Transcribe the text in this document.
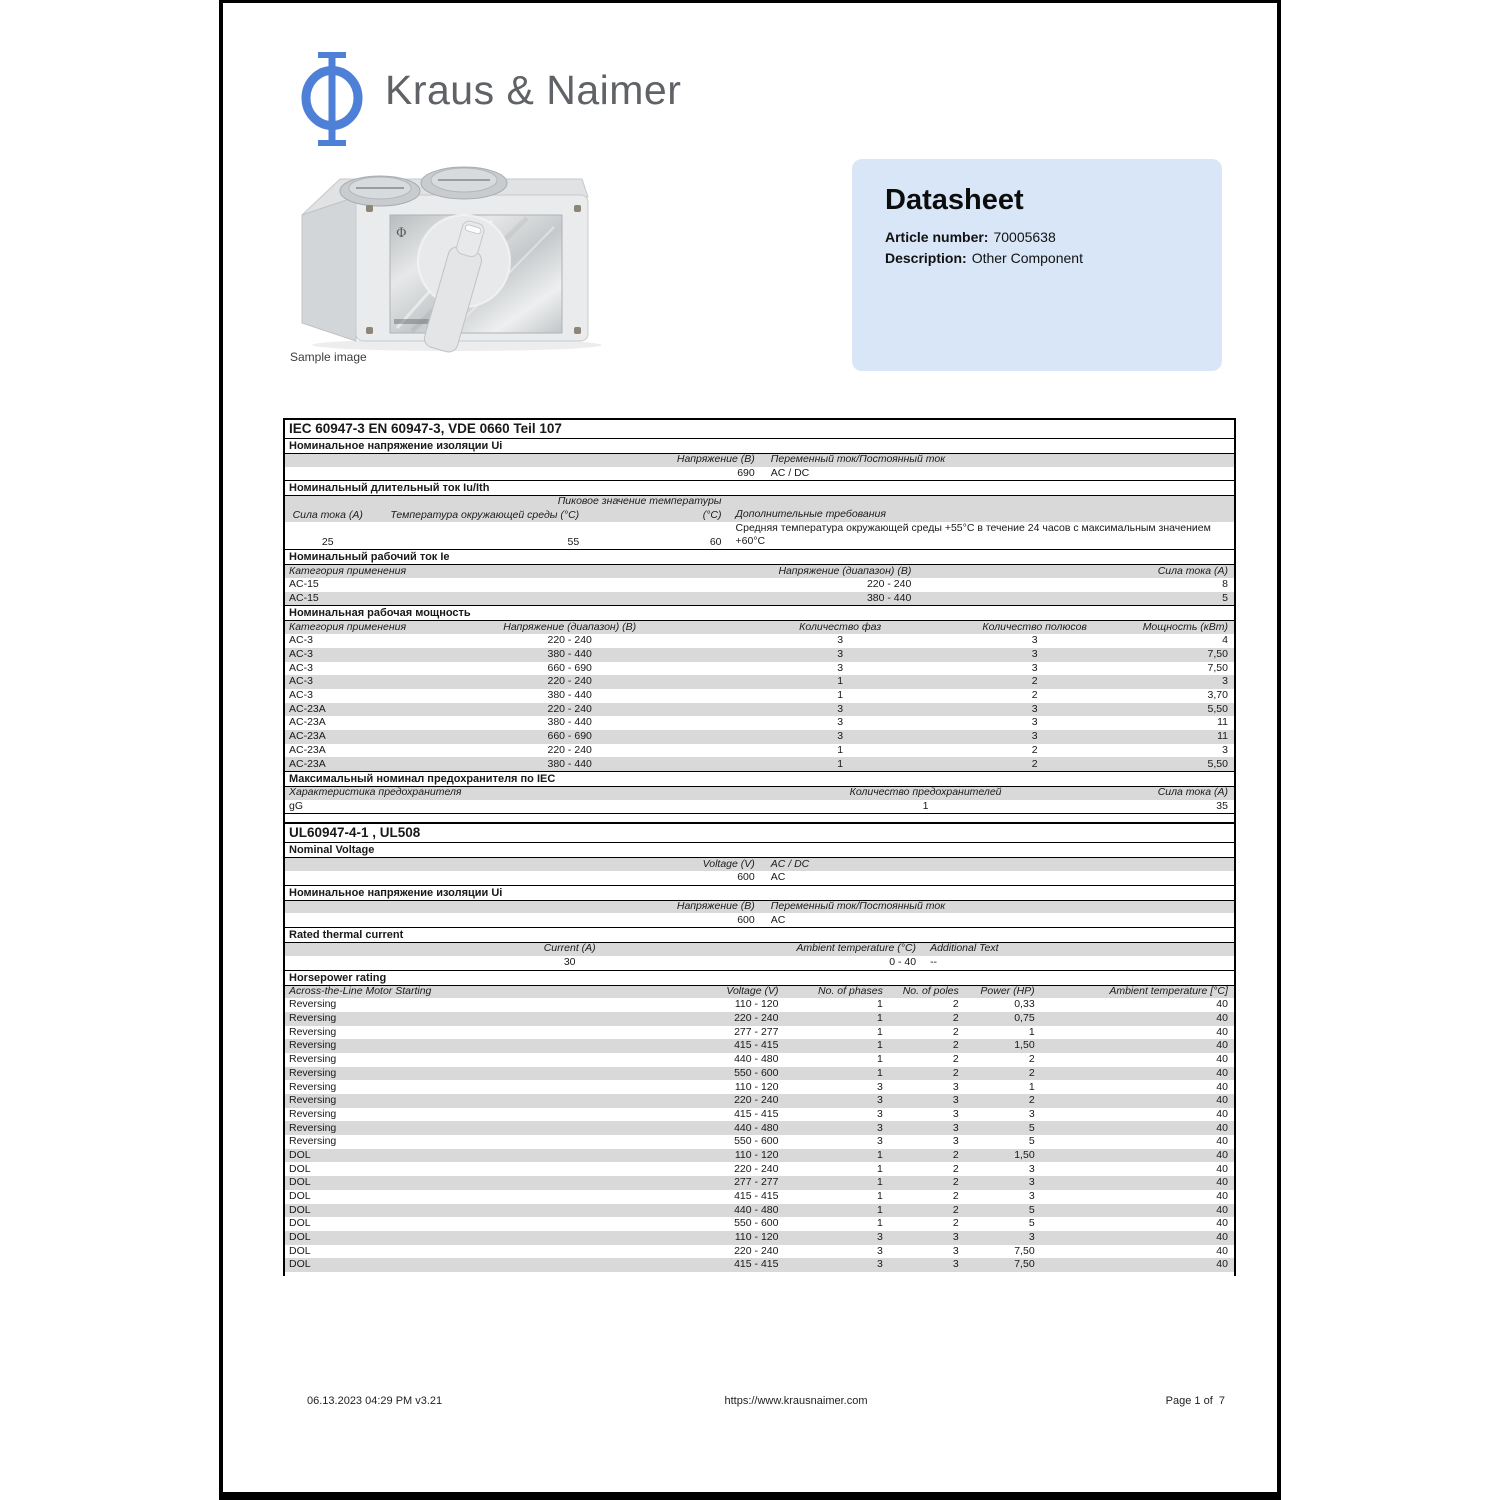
Kraus & Naimer
Φ
Sample image
Datasheet
Article number: 70005638
Description: Other Component
IEC 60947-3 EN 60947-3, VDE 0660 Teil 107
Номинальное напряжение изоляции Ui
Напряжение (В)	Переменный ток/Постоянный ток
690	AC / DC
Номинальный длительный ток Iu/Ith
Пиковое значение температуры
Сила тока (А)	Температура окружающей среды (°С)	(°С)	Дополнительные требования
25	55	60
Средняя температура окружающей среды +55°С в течение 24 часов с максимальным значением +60°С
Номинальный рабочий ток Ie
Категория применения	Напряжение (диапазон) (В)	Сила тока (А)
AC-15	220 - 240	8
AC-15	380 - 440	5
Номинальная рабочая мощность
Категория применения	Напряжение (диапазон) (В)	Количество фаз	Количество полюсов	Мощность (кВт)
AC-3	220 - 240	3	3	4
AC-3	380 - 440	3	3	7,50
AC-3	660 - 690	3	3	7,50
AC-3	220 - 240	1	2	3
AC-3	380 - 440	1	2	3,70
AC-23A	220 - 240	3	3	5,50
AC-23A	380 - 440	3	3	11
AC-23A	660 - 690	3	3	11
AC-23A	220 - 240	1	2	3
AC-23A	380 - 440	1	2	5,50
Максимальный номинал предохранителя по IEC
Характеристика предохранителя	Количество предохранителей	Сила тока (А)
gG	1	35
UL60947-4-1 , UL508
Nominal Voltage
Voltage (V)	AC / DC
600	AC
Номинальное напряжение изоляции Ui
Напряжение (В)	Переменный ток/Постоянный ток
600	AC
Rated thermal current
Current (A)	Ambient temperature (°C)	Additional Text
30	0 - 40	--
Horsepower rating
Across-the-Line Motor Starting	Voltage (V)	No. of phases	No. of poles	Power (HP)	Ambient temperature [°C]
Reversing	110 - 120	1	2	0,33	40
Reversing	220 - 240	1	2	0,75	40
Reversing	277 - 277	1	2	1	40
Reversing	415 - 415	1	2	1,50	40
Reversing	440 - 480	1	2	2	40
Reversing	550 - 600	1	2	2	40
Reversing	110 - 120	3	3	1	40
Reversing	220 - 240	3	3	2	40
Reversing	415 - 415	3	3	3	40
Reversing	440 - 480	3	3	5	40
Reversing	550 - 600	3	3	5	40
DOL	110 - 120	1	2	1,50	40
DOL	220 - 240	1	2	3	40
DOL	277 - 277	1	2	3	40
DOL	415 - 415	1	2	3	40
DOL	440 - 480	1	2	5	40
DOL	550 - 600	1	2	5	40
DOL	110 - 120	3	3	3	40
DOL	220 - 240	3	3	7,50	40
DOL	415 - 415	3	3	7,50	40
06.13.2023 04:29 PM v3.21	https://www.krausnaimer.com	Page 1 of  7
